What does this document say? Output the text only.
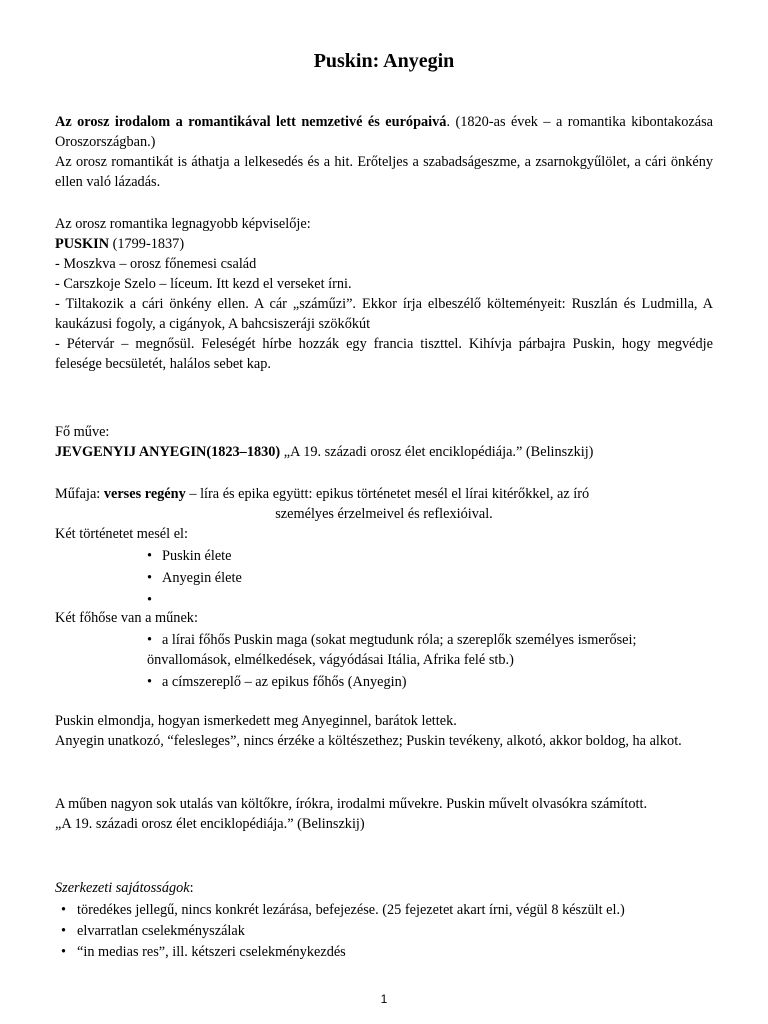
Puskin: Anyegin

Az orosz irodalom a romantikával lett nemzetivé és európaivá. (1820-as évek – a romantika kibontakozása Oroszországban.)

Az orosz romantikát is áthatja a lelkesedés és a hit. Erőteljes a szabadságeszme, a zsarnokgyűlölet, a cári önkény ellen való lázadás.

Az orosz romantika legnagyobb képviselője:

PUSKIN (1799-1837)

- Moszkva – orosz főnemesi család

- Carszkoje Szelo – líceum. Itt kezd el verseket írni.

- Tiltakozik a cári önkény ellen. A cár „száműzi”. Ekkor írja elbeszélő költeményeit: Ruszlán és Ludmilla, A kaukázusi fogoly, a cigányok, A bahcsiszeráji szökőkút

- Pétervár – megnősül. Feleségét hírbe hozzák egy francia tiszttel. Kihívja párbajra Puskin, hogy megvédje felesége becsületét, halálos sebet kap.

Fő műve:

JEVGENYIJ ANYEGIN(1823–1830) „A 19. századi orosz élet enciklopédiája.” (Belinszkij)

Műfaja: verses regény – líra és epika együtt: epikus történetet mesél el lírai kitérőkkel, az író

személyes érzelmeivel és reflexióival.

Két történetet mesél el:

• Puskin élete
• Anyegin élete
•

Két főhőse van a műnek:

• a lírai főhős Puskin maga (sokat megtudunk róla; a szereplők személyes ismerősei; önvallomások, elmélkedések, vágyódásai Itália, Afrika felé stb.)
• a címszereplő – az epikus főhős (Anyegin)

Puskin elmondja, hogyan ismerkedett meg Anyeginnel, barátok lettek.

Anyegin unatkozó, “felesleges”, nincs érzéke a költészethez; Puskin tevékeny, alkotó, akkor boldog, ha alkot.

A műben nagyon sok utalás van költőkre, írókra, irodalmi művekre. Puskin művelt olvasókra számított.

„A 19. századi orosz élet enciklopédiája.” (Belinszkij)

Szerkezeti sajátosságok:

• töredékes jellegű, nincs konkrét lezárása, befejezése. (25 fejezetet akart írni, végül 8 készült el.)
• elvarratlan cselekményszálak
• “in medias res”, ill. kétszeri cselekménykezdés
1
